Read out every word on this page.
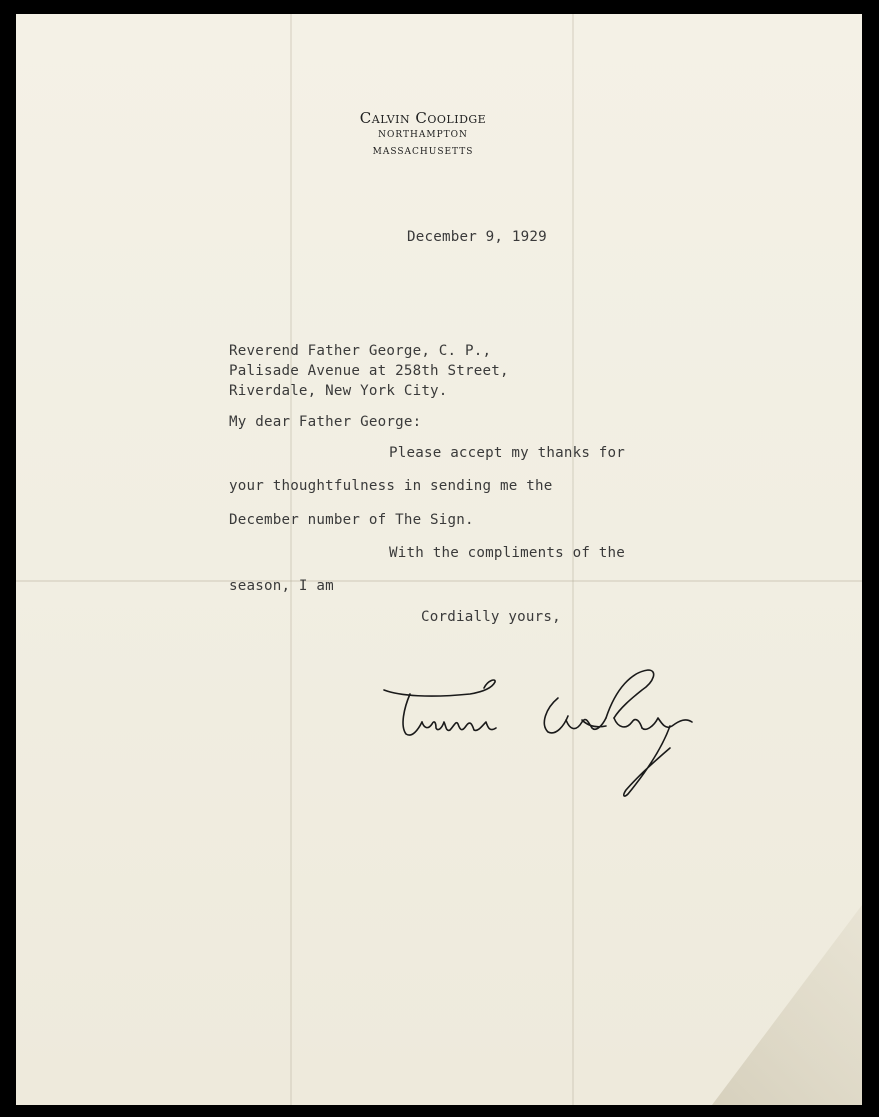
Calvin Coolidge
NORTHAMPTON
MASSACHUSETTS
December 9, 1929
Reverend Father George, C. P.,
Palisade Avenue at 258th Street,
Riverdale, New York City.
My dear Father George:
Please accept my thanks for
your thoughtfulness in sending me the
December number of The Sign.
With the compliments of the
season, I am
Cordially yours,
